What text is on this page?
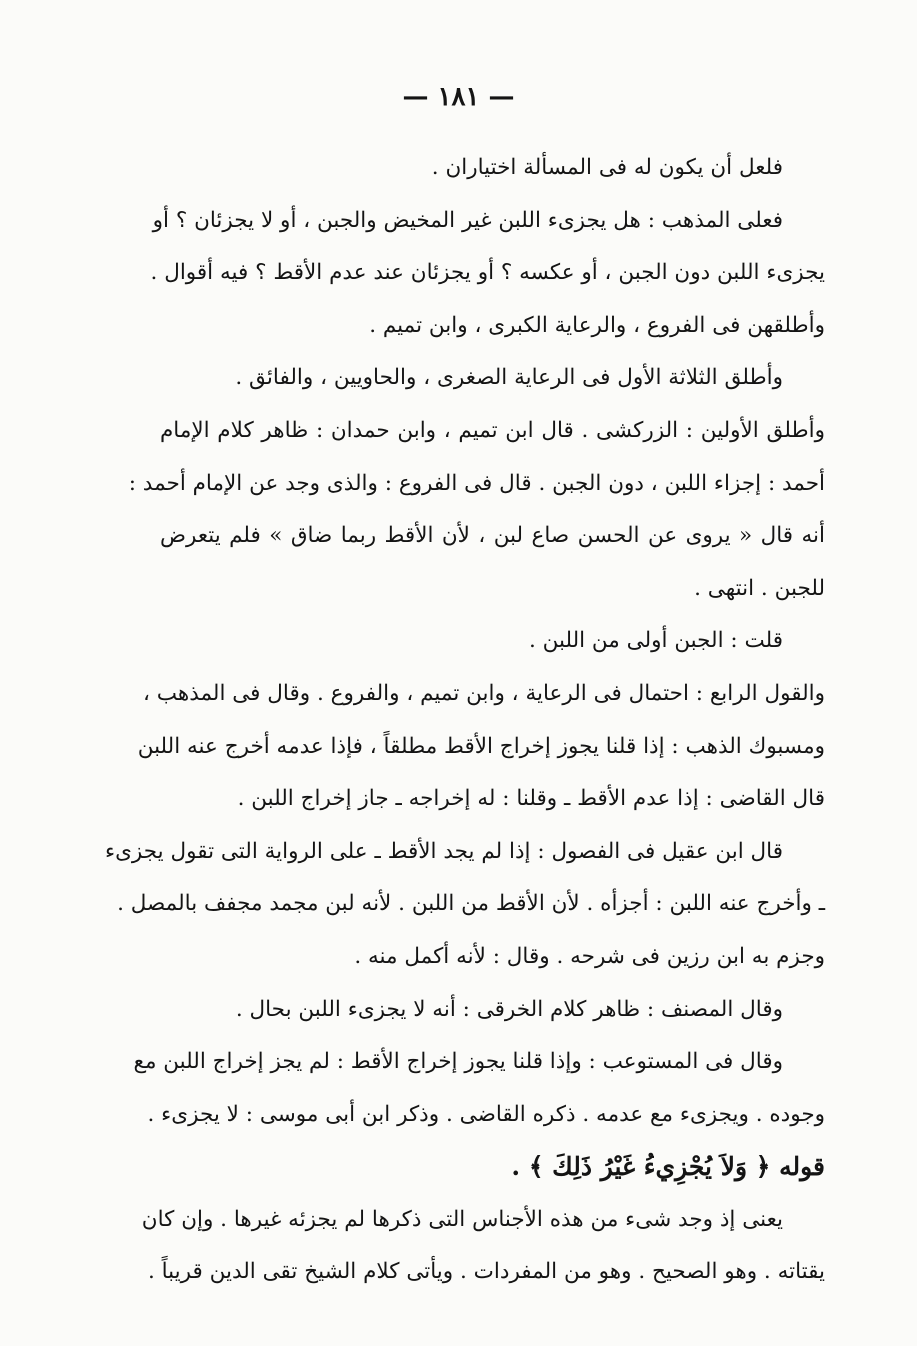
— ١٨١ —
فلعل أن يكون له فى المسألة اختياران .
فعلى المذهب : هل يجزىء اللبن غير المخيض والجبن ، أو لا يجزئان ؟ أو
يجزىء اللبن دون الجبن ، أو عكسه ؟ أو يجزئان عند عدم الأقط ؟ فيه أقوال .
وأطلقهن فى الفروع ، والرعاية الكبرى ، وابن تميم .
وأطلق الثلاثة الأول فى الرعاية الصغرى ، والحاويين ، والفائق .
وأطلق الأولين : الزركشى . قال ابن تميم ، وابن حمدان : ظاهر كلام الإمام
أحمد : إجزاء اللبن ، دون الجبن . قال فى الفروع : والذى وجد عن الإمام أحمد :
أنه قال « يروى عن الحسن صاع لبن ، لأن الأقط ربما ضاق » فلم يتعرض
للجبن . انتهى .
قلت : الجبن أولى من اللبن .
والقول الرابع : احتمال فى الرعاية ، وابن تميم ، والفروع . وقال فى المذهب ،
ومسبوك الذهب : إذا قلنا يجوز إخراج الأقط مطلقاً ، فإذا عدمه أخرج عنه اللبن
قال القاضى : إذا عدم الأقط ـ وقلنا : له إخراجه ـ جاز إخراج اللبن .
قال ابن عقيل فى الفصول : إذا لم يجد الأقط ـ على الرواية التى تقول يجزىء
ـ وأخرج عنه اللبن : أجزأه . لأن الأقط من اللبن . لأنه لبن مجمد مجفف بالمصل .
وجزم به ابن رزين فى شرحه . وقال : لأنه أكمل منه .
وقال المصنف : ظاهر كلام الخرقى : أنه لا يجزىء اللبن بحال .
وقال فى المستوعب : وإذا قلنا يجوز إخراج الأقط : لم يجز إخراج اللبن مع
وجوده . ويجزىء مع عدمه . ذكره القاضى . وذكر ابن أبى موسى : لا يجزىء .
قوله ﴿ وَلاَ يُجْزِيءُ غَيْرُ ذَلِكَ ﴾ .
يعنى إذ وجد شىء من هذه الأجناس التى ذكرها لم يجزئه غيرها . وإن كان
يقتاته . وهو الصحيح . وهو من المفردات . ويأتى كلام الشيخ تقى الدين قريباً .
